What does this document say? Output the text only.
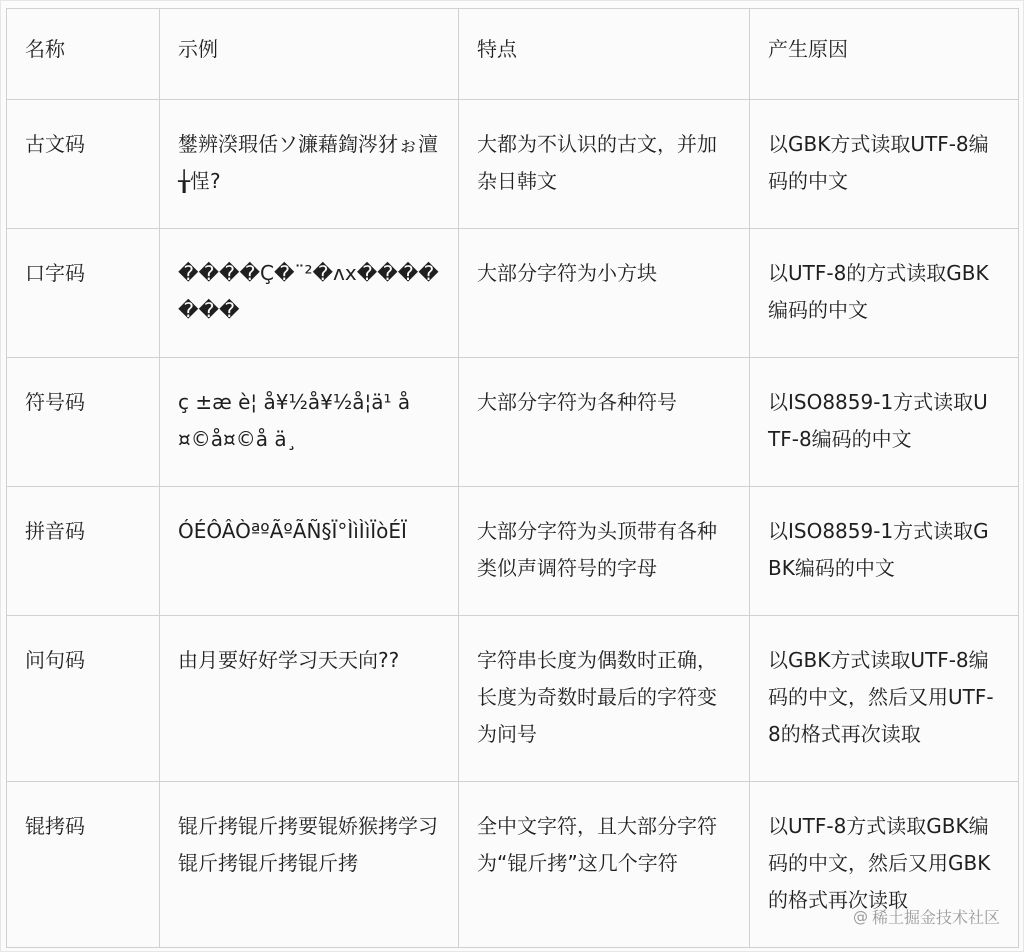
名称	示例	特点	产生原因

古文码	鐢辨湀瑕佸ソ濂藉鍧涔犲ぉ澶╁悜?	大都为不认识的古文，并加杂日韩文	以GBK方式读取UTF-8编码的中文

口字码	����Ç�¨²�ʌx�������	大部分字符为小方块	以UTF-8的方式读取GBK编码的中文

符号码	ç ±æ è¦ å¥½å¥½å¦ä¹ å¤©å¤©å ä¸	大部分字符为各种符号	以ISO8859-1方式读取UTF-8编码的中文

拼音码	ÓÉÔÂÒªºÃºÃÑ§Ï°ÌìÌìÏòÉÏ	大部分字符为头顶带有各种类似声调符号的字母	以ISO8859-1方式读取GBK编码的中文

问句码	由月要好好学习天天向??	字符串长度为偶数时正确，长度为奇数时最后的字符变为问号	以GBK方式读取UTF-8编码的中文，然后又用UTF-8的格式再次读取

锟拷码	锟斤拷锟斤拷要锟娇猴拷学习锟斤拷锟斤拷锟斤拷	全中文字符，且大部分字符为“锟斤拷”这几个字符	以UTF-8方式读取GBK编码的中文，然后又用GBK的格式再次读取
@ 稀土掘金技术社区
